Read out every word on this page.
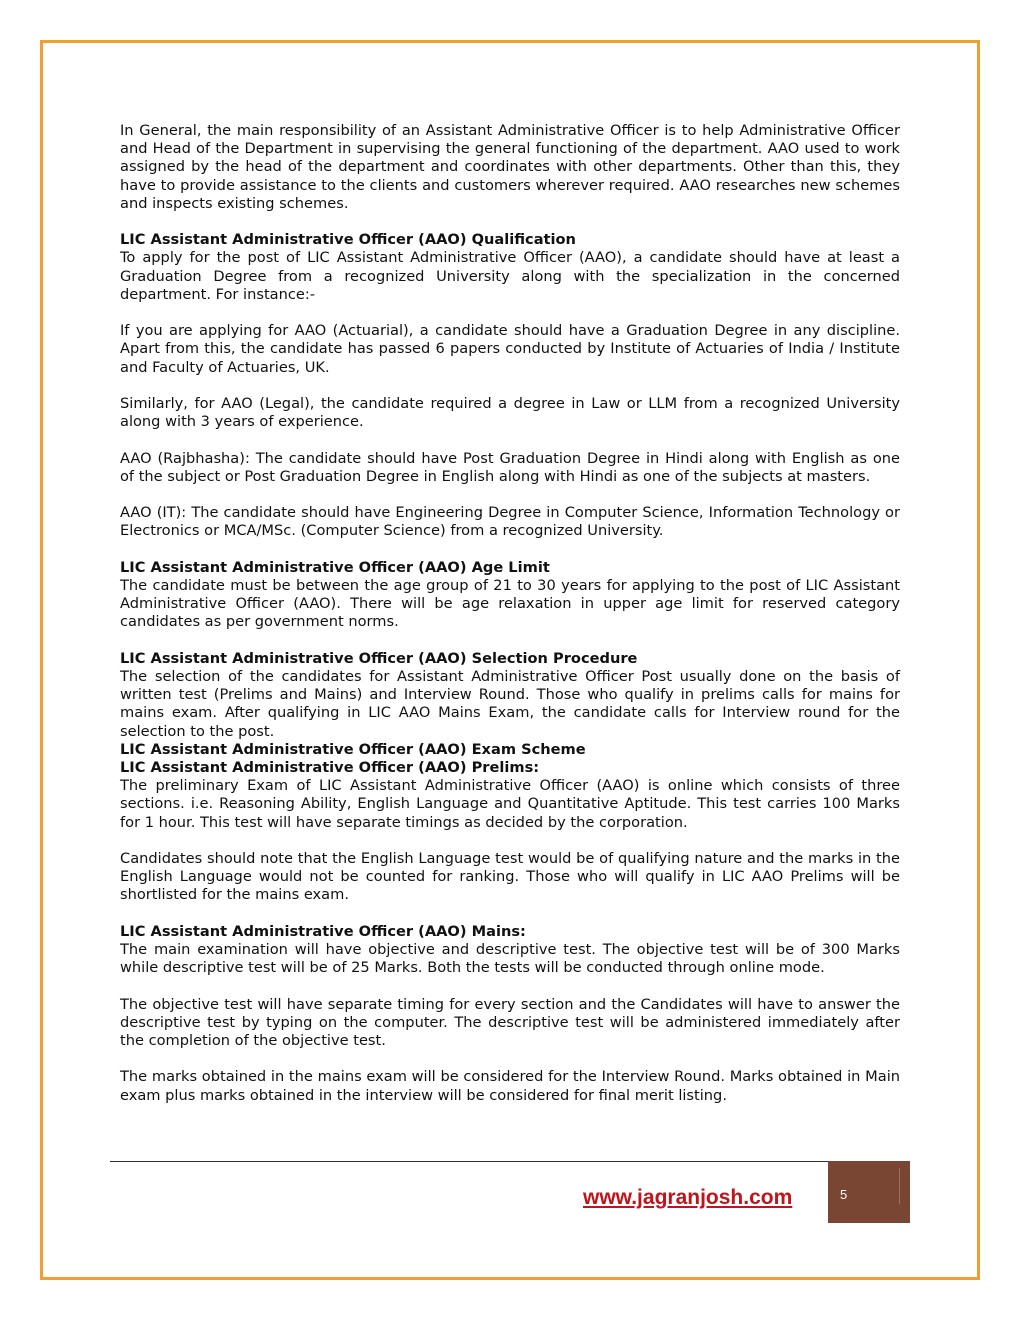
In General, the main responsibility of an Assistant Administrative Officer is to help Administrative Officer and Head of the Department in supervising the general functioning of the department. AAO used to work assigned by the head of the department and coordinates with other departments. Other than this, they have to provide assistance to the clients and customers wherever required. AAO researches new schemes and inspects existing schemes.

LIC Assistant Administrative Officer (AAO) Qualification

To apply for the post of LIC Assistant Administrative Officer (AAO), a candidate should have at least a Graduation Degree from a recognized University along with the specialization in the concerned department. For instance:-

If you are applying for AAO (Actuarial), a candidate should have a Graduation Degree in any discipline. Apart from this, the candidate has passed 6 papers conducted by Institute of Actuaries of India / Institute and Faculty of Actuaries, UK.

Similarly, for AAO (Legal), the candidate required a degree in Law or LLM from a recognized University along with 3 years of experience.

AAO (Rajbhasha): The candidate should have Post Graduation Degree in Hindi along with English as one of the subject or Post Graduation Degree in English along with Hindi as one of the subjects at masters.

AAO (IT): The candidate should have Engineering Degree in Computer Science, Information Technology or Electronics or MCA/MSc. (Computer Science) from a recognized University.

LIC Assistant Administrative Officer (AAO) Age Limit

The candidate must be between the age group of 21 to 30 years for applying to the post of LIC Assistant Administrative Officer (AAO). There will be age relaxation in upper age limit for reserved category candidates as per government norms.

LIC Assistant Administrative Officer (AAO) Selection Procedure

The selection of the candidates for Assistant Administrative Officer Post usually done on the basis of written test (Prelims and Mains) and Interview Round. Those who qualify in prelims calls for mains for mains exam. After qualifying in LIC AAO Mains Exam, the candidate calls for Interview round for the selection to the post.

LIC Assistant Administrative Officer (AAO) Exam Scheme
LIC Assistant Administrative Officer (AAO) Prelims:

The preliminary Exam of LIC Assistant Administrative Officer (AAO) is online which consists of three sections. i.e. Reasoning Ability, English Language and Quantitative Aptitude. This test carries 100 Marks for 1 hour. This test will have separate timings as decided by the corporation.

Candidates should note that the English Language test would be of qualifying nature and the marks in the English Language would not be counted for ranking. Those who will qualify in LIC AAO Prelims will be shortlisted for the mains exam.

LIC Assistant Administrative Officer (AAO) Mains:

The main examination will have objective and descriptive test. The objective test will be of 300 Marks while descriptive test will be of 25 Marks. Both the tests will be conducted through online mode.

The objective test will have separate timing for every section and the Candidates will have to answer the descriptive test by typing on the computer. The descriptive test will be administered immediately after the completion of the objective test.

The marks obtained in the mains exam will be considered for the Interview Round. Marks obtained in Main exam plus marks obtained in the interview will be considered for final merit listing.

www.jagranjosh.com	5
